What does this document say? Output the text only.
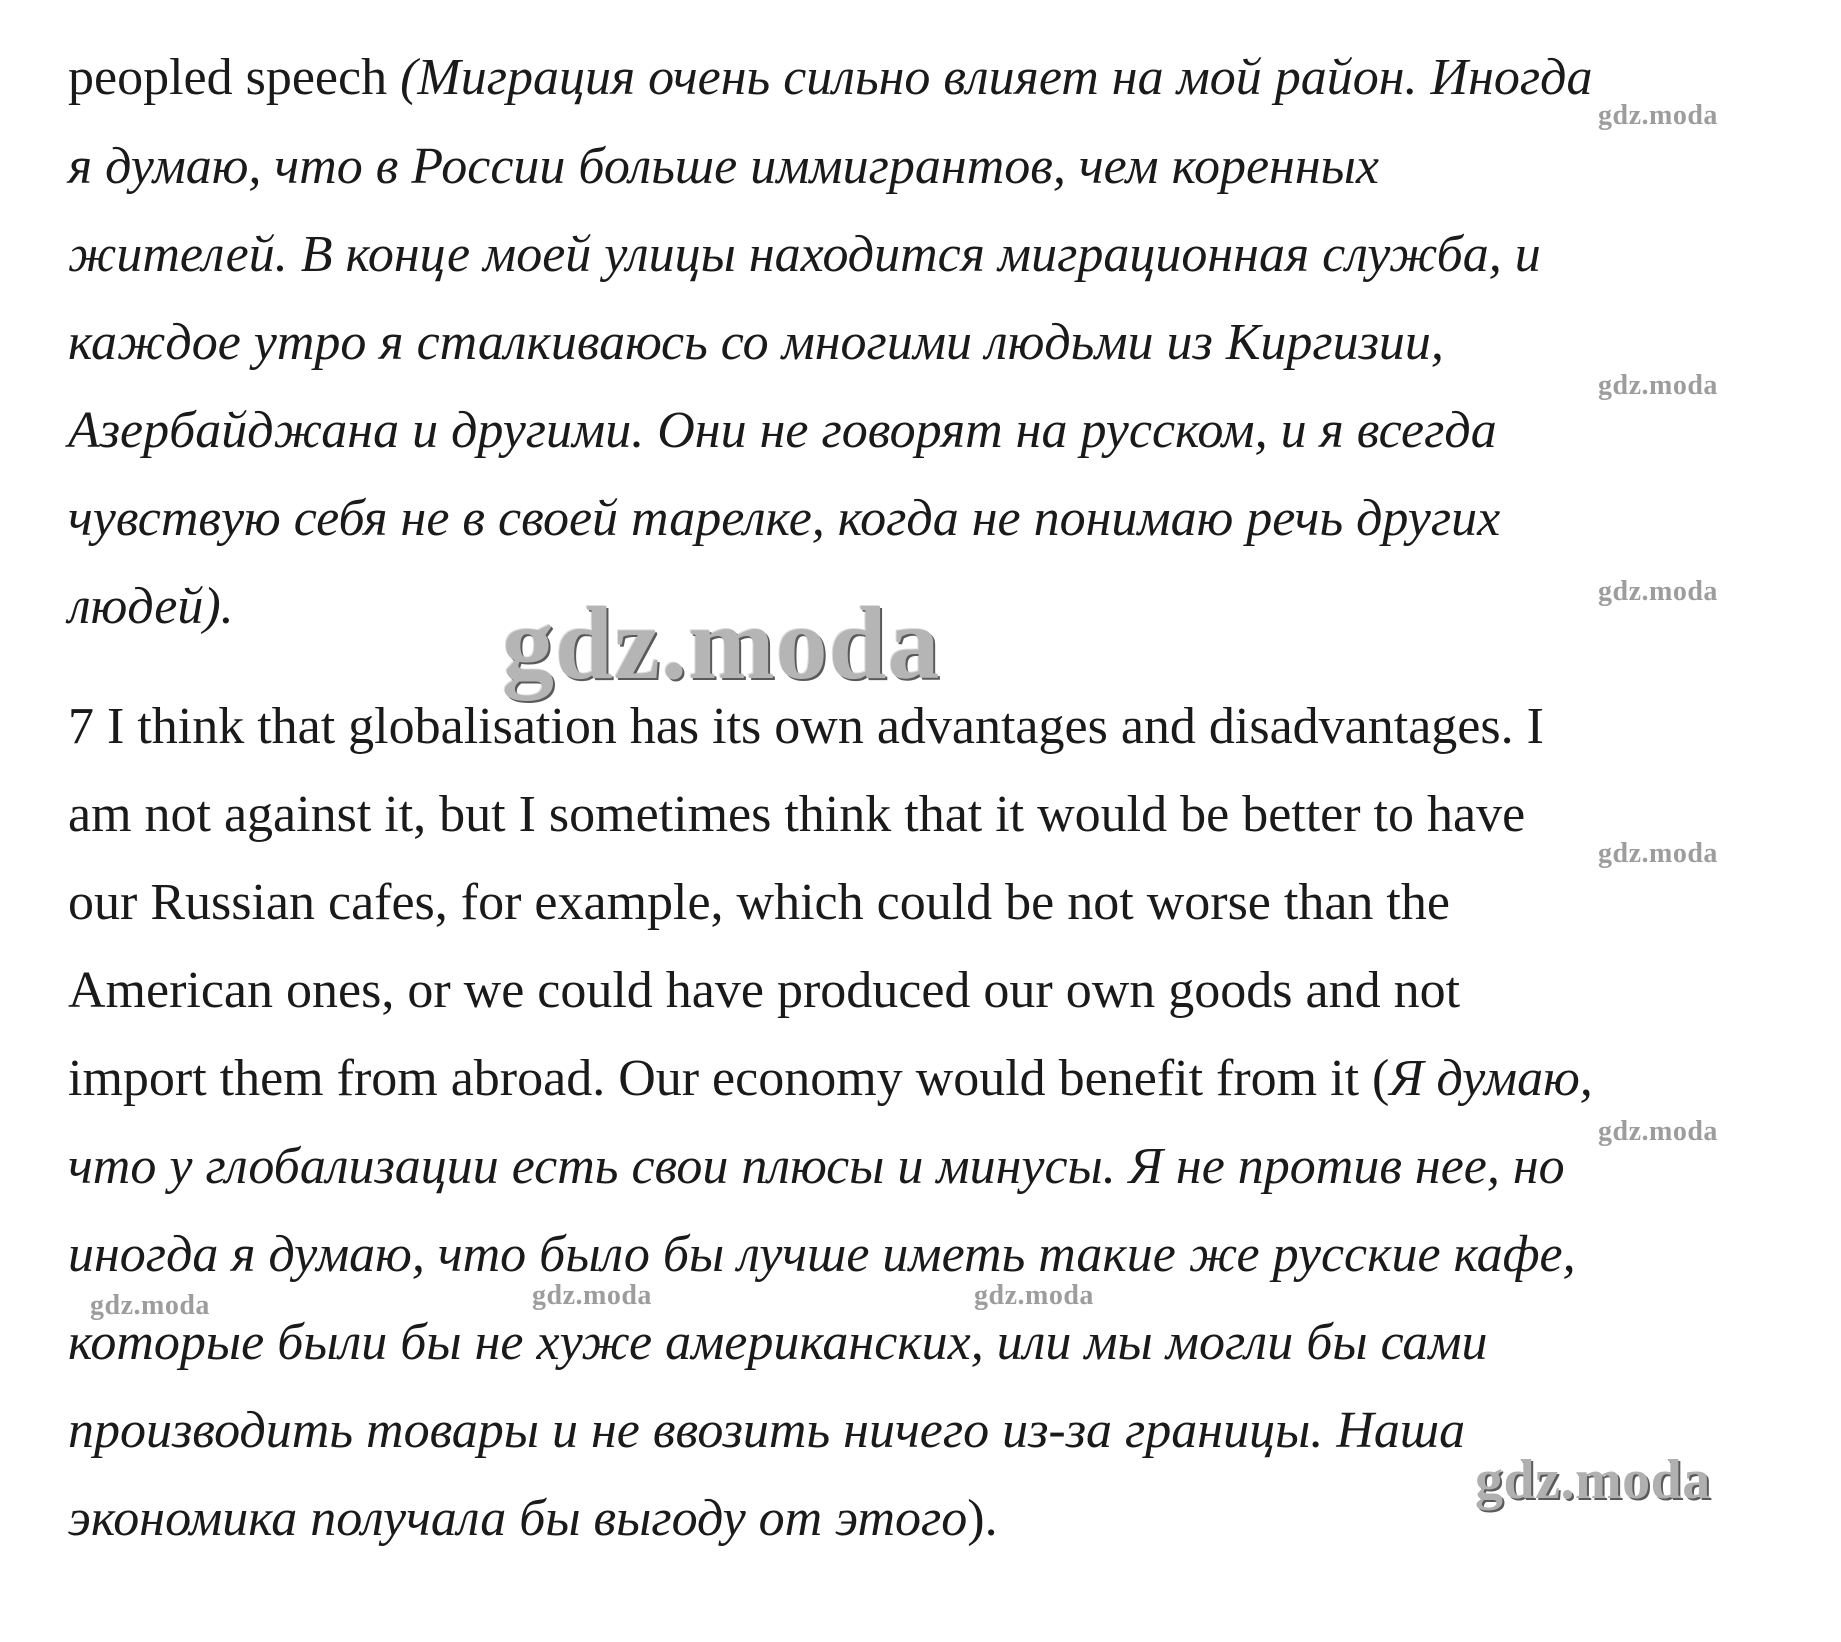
peopled speech (Миграция очень сильно влияет на мой район. Иногда
я думаю, что в России больше иммигрантов, чем коренных
жителей. В конце моей улицы находится миграционная служба, и
каждое утро я сталкиваюсь со многими людьми из Киргизии,
Азербайджана и другими. Они не говорят на русском, и я всегда
чувствую себя не в своей тарелке, когда не понимаю речь других
людей).
7 I think that globalisation has its own advantages and disadvantages. I
am not against it, but I sometimes think that it would be better to have
our Russian cafes, for example, which could be not worse than the
American ones, or we could have produced our own goods and not
import them from abroad. Our economy would benefit from it (Я думаю,
что у глобализации есть свои плюсы и минусы. Я не против нее, но
иногда я думаю, что было бы лучше иметь такие же русские кафе,
которые были бы не хуже американских, или мы могли бы сами
производить товары и не ввозить ничего из-за границы. Наша
экономика получала бы выгоду от этого).
gdz.moda
gdz.moda
gdz.moda
gdz.moda
gdz.moda
gdz.moda
gdz.moda	gdz.moda	gdz.moda
gdz.moda
